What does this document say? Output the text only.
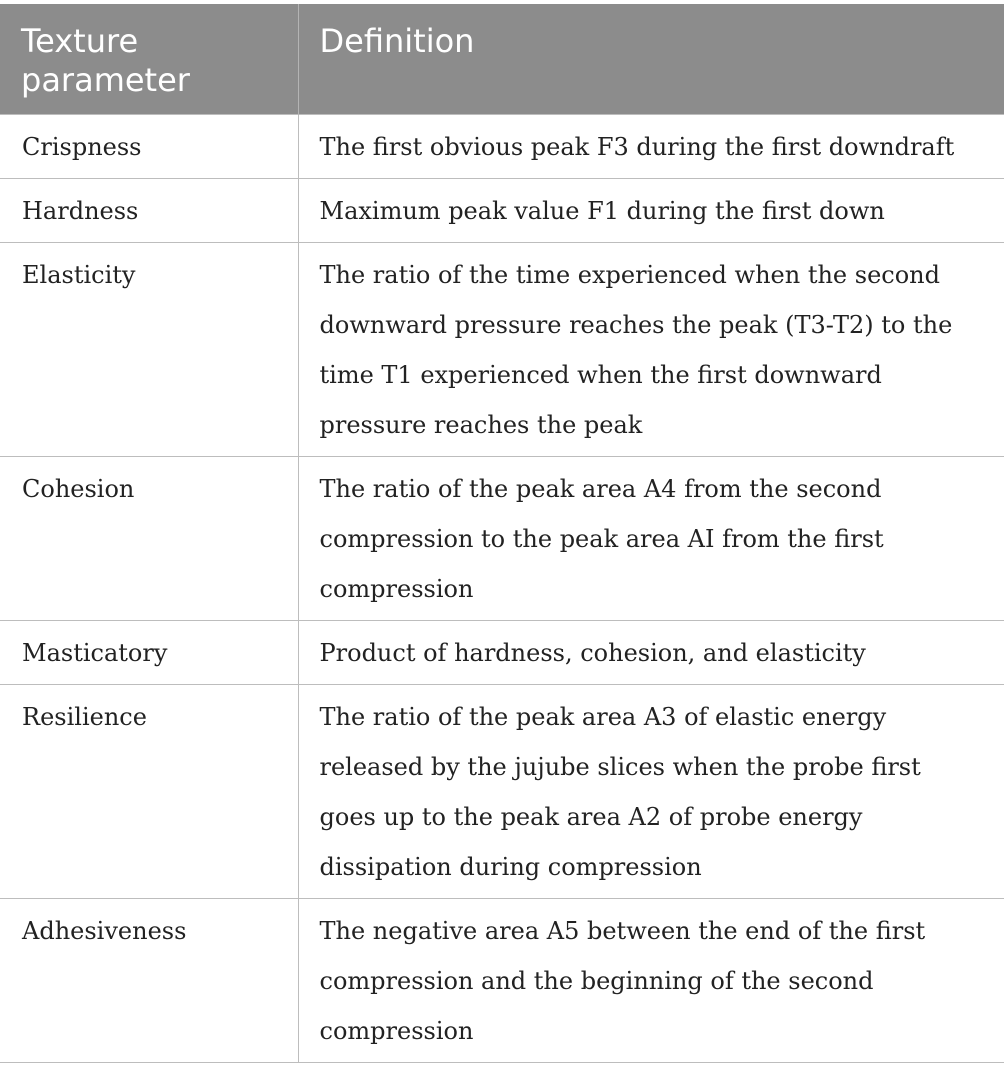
Texture parameter	Definition
Crispness	The first obvious peak F3 during the first downdraft
Hardness	Maximum peak value F1 during the first down
Elasticity	The ratio of the time experienced when the second downward pressure reaches the peak (T3-T2) to the time T1 experienced when the first downward pressure reaches the peak
Cohesion	The ratio of the peak area A4 from the second compression to the peak area AI from the first compression
Masticatory	Product of hardness, cohesion, and elasticity
Resilience	The ratio of the peak area A3 of elastic energy released by the jujube slices when the probe first goes up to the peak area A2 of probe energy dissipation during compression
Adhesiveness	The negative area A5 between the end of the first compression and the beginning of the second compression
